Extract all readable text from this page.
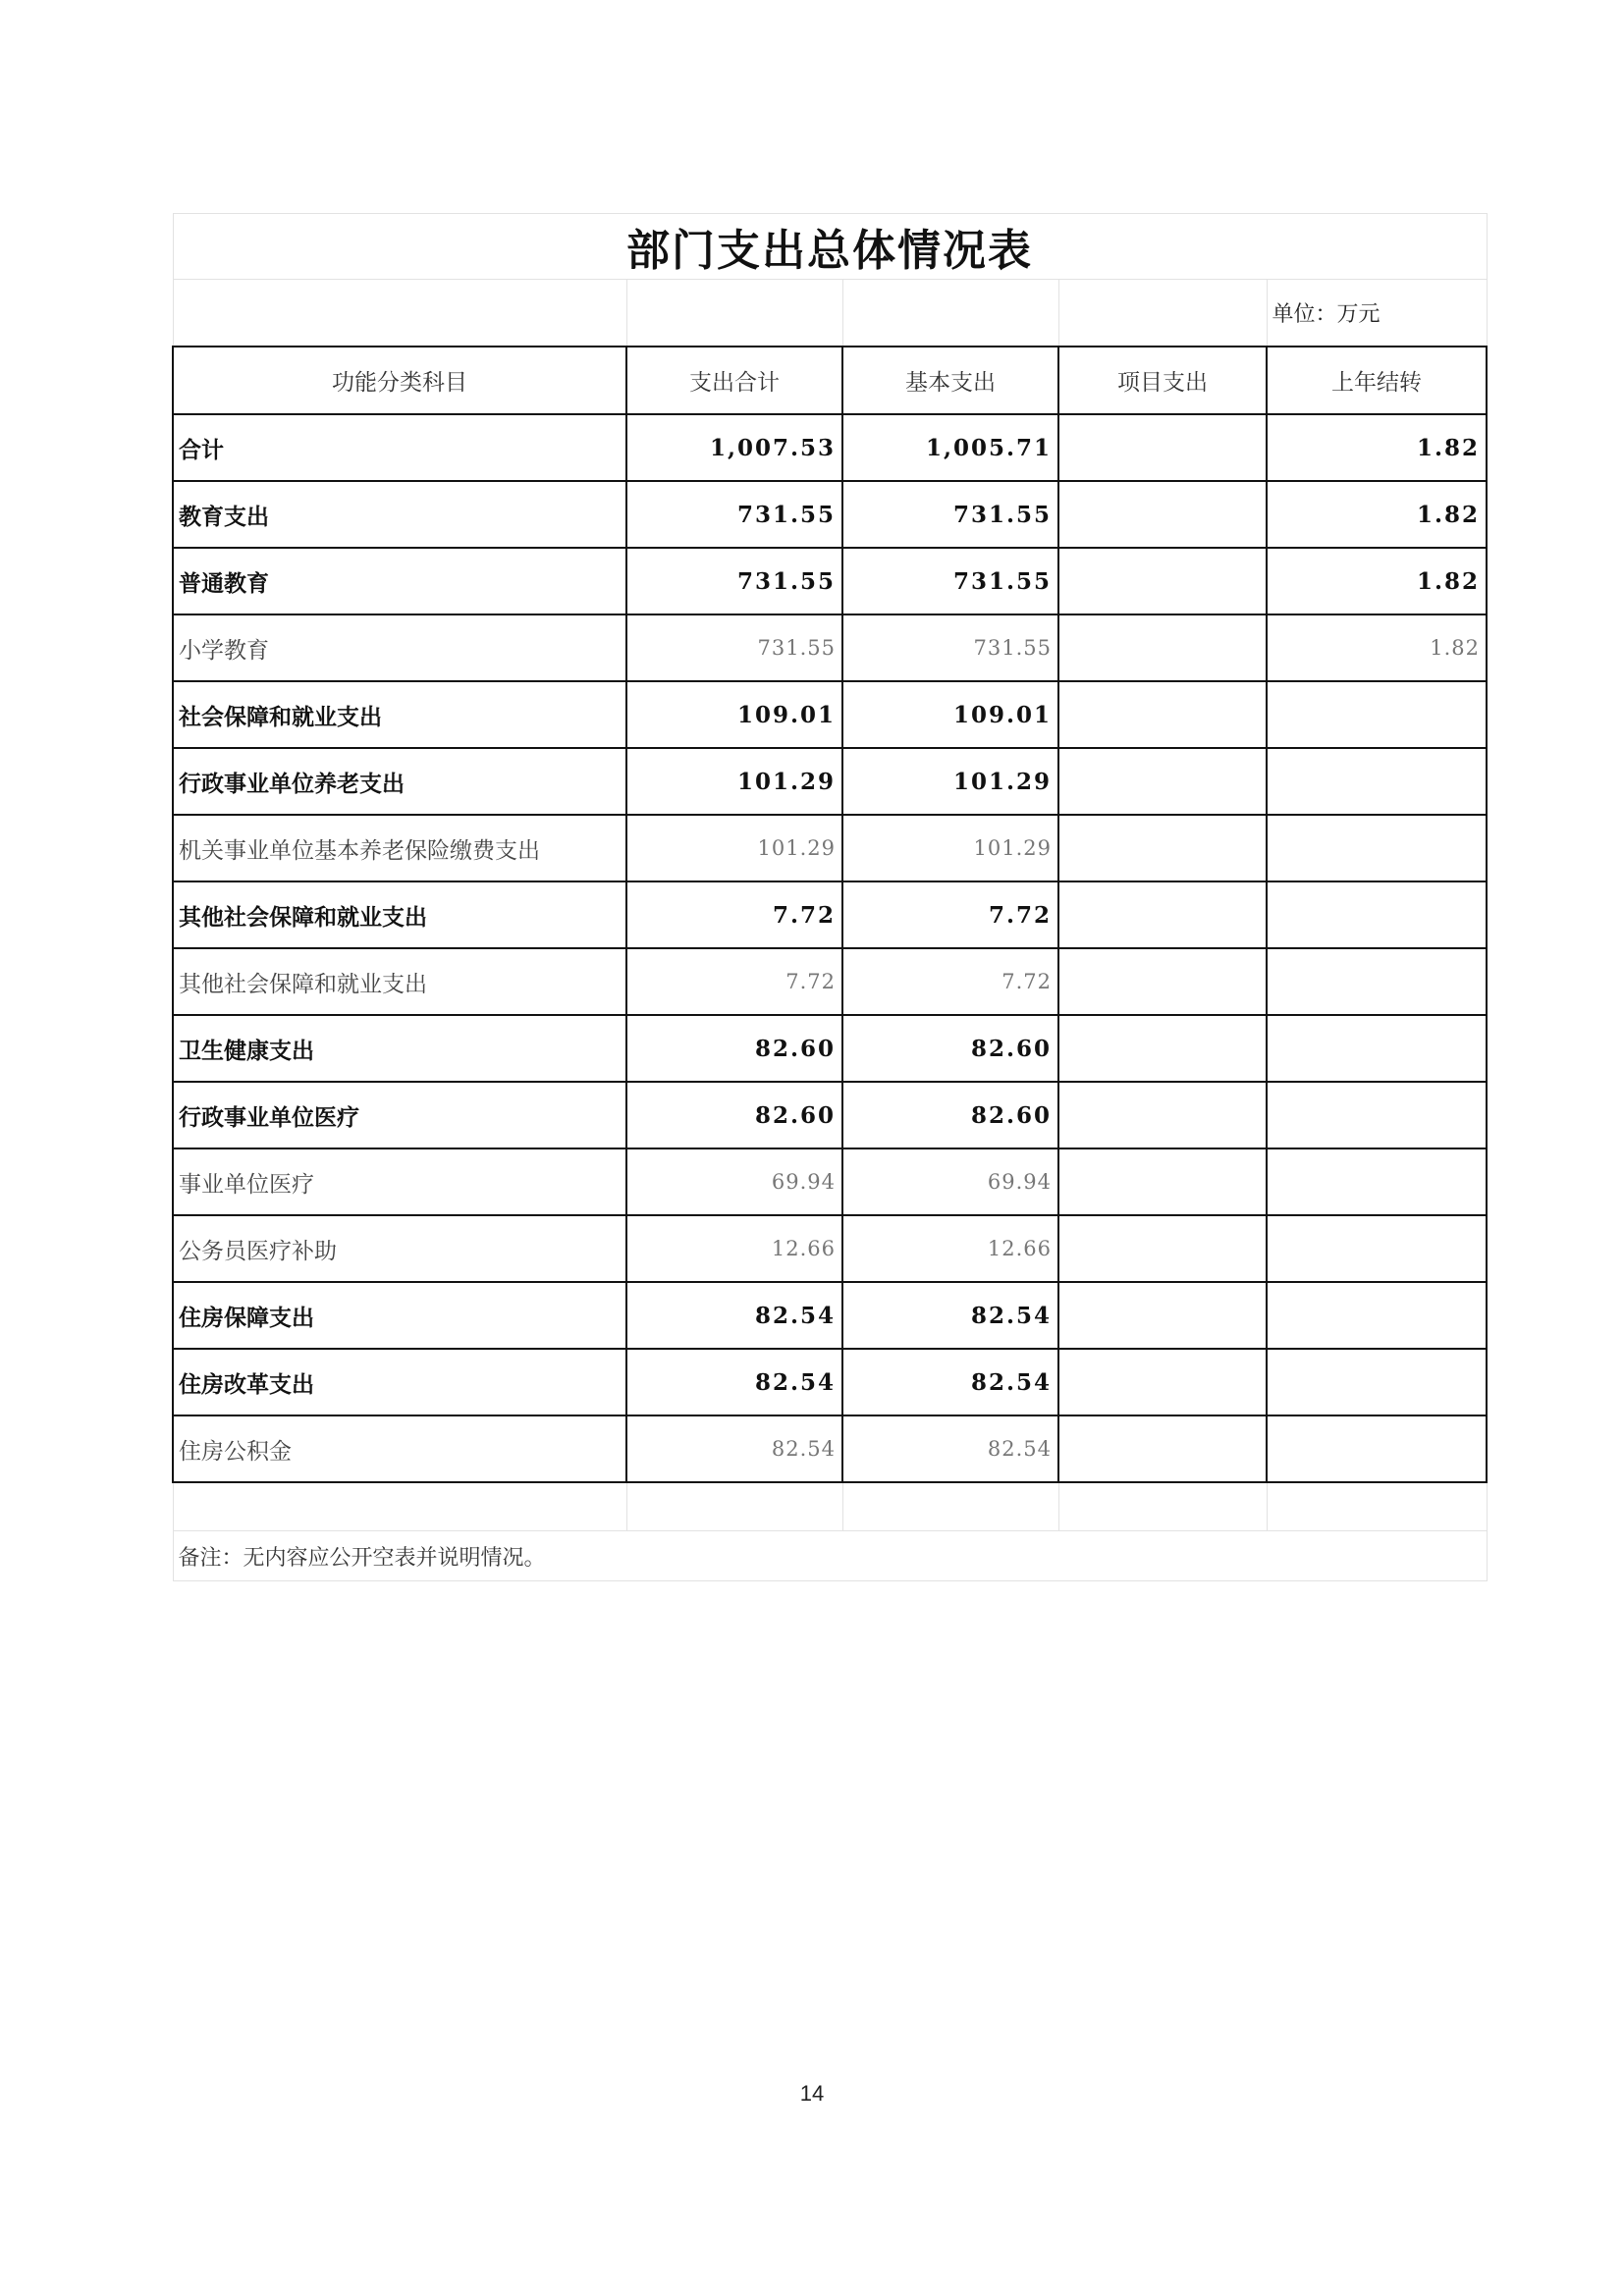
部门支出总体情况表				
				单位：万元
功能分类科目	支出合计	基本支出	项目支出	上年结转
合计	1,007.53	1,005.71		1.82
教育支出	731.55	731.55		1.82
普通教育	731.55	731.55		1.82
小学教育	731.55	731.55		1.82
社会保障和就业支出	109.01	109.01		
行政事业单位养老支出	101.29	101.29		
机关事业单位基本养老保险缴费支出	101.29	101.29		
其他社会保障和就业支出	7.72	7.72		
其他社会保障和就业支出	7.72	7.72		
卫生健康支出	82.60	82.60		
行政事业单位医疗	82.60	82.60		
事业单位医疗	69.94	69.94		
公务员医疗补助	12.66	12.66		
住房保障支出	82.54	82.54		
住房改革支出	82.54	82.54		
住房公积金	82.54	82.54		

备注：无内容应公开空表并说明情况。				
14
